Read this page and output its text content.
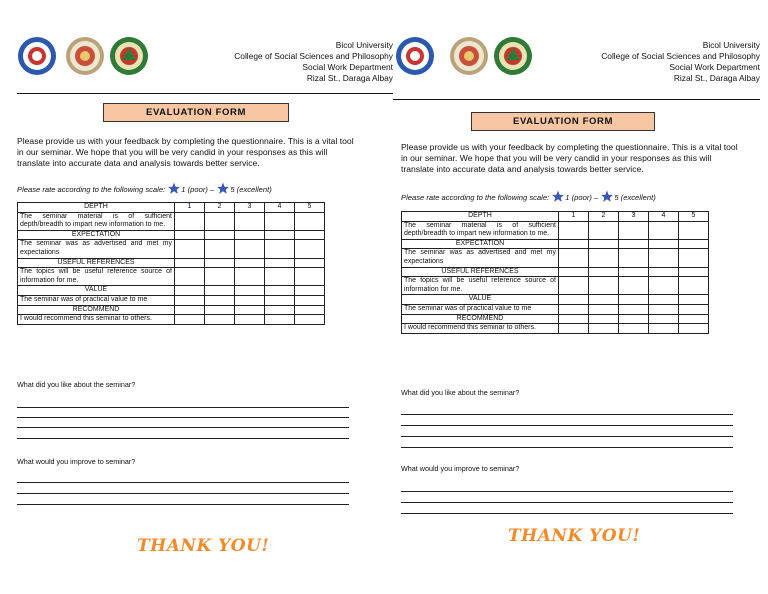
Bicol University
College of Social Sciences and Philosophy
Social Work Department
Rizal St., Daraga Albay
EVALUATION FORM
Please provide us with your feedback by completing the questionnaire. This is a vital tool in our seminar. We hope that you will be very candid in your responses as this will translate into accurate data and analysis towards better service.
Please rate according to the following scale: 1 (poor) – 5 (excellent)
DEPTH	1	2	3	4	5
The seminar material is of sufficient depth/breadth to impart new information to me.					
EXPECTATION					
The seminar was as advertised and met my expectations					
USEFUL REFERENCES					
The topics will be useful reference source of information for me.					
VALUE					
The seminar was of practical value to me					
RECOMMEND					
I would recommend this seminar to others.					
What did you like about the seminar?
What would you improve to seminar?
THANK YOU!
Bicol University
College of Social Sciences and Philosophy
Social Work Department
Rizal St., Daraga Albay
EVALUATION FORM
Please provide us with your feedback by completing the questionnaire. This is a vital tool in our seminar. We hope that you will be very candid in your responses as this will translate into accurate data and analysis towards better service.
Please rate according to the following scale: 1 (poor) – 5 (excellent)
DEPTH	1	2	3	4	5
The seminar material is of sufficient depth/breadth to impart new information to me.					
EXPECTATION					
The seminar was as advertised and met my expectations					
USEFUL REFERENCES					
The topics will be useful reference source of information for me.					
VALUE					
The seminar was of practical value to me					
RECOMMEND					
I would recommend this seminar to others.					
What did you like about the seminar?
What would you improve to seminar?
THANK YOU!
